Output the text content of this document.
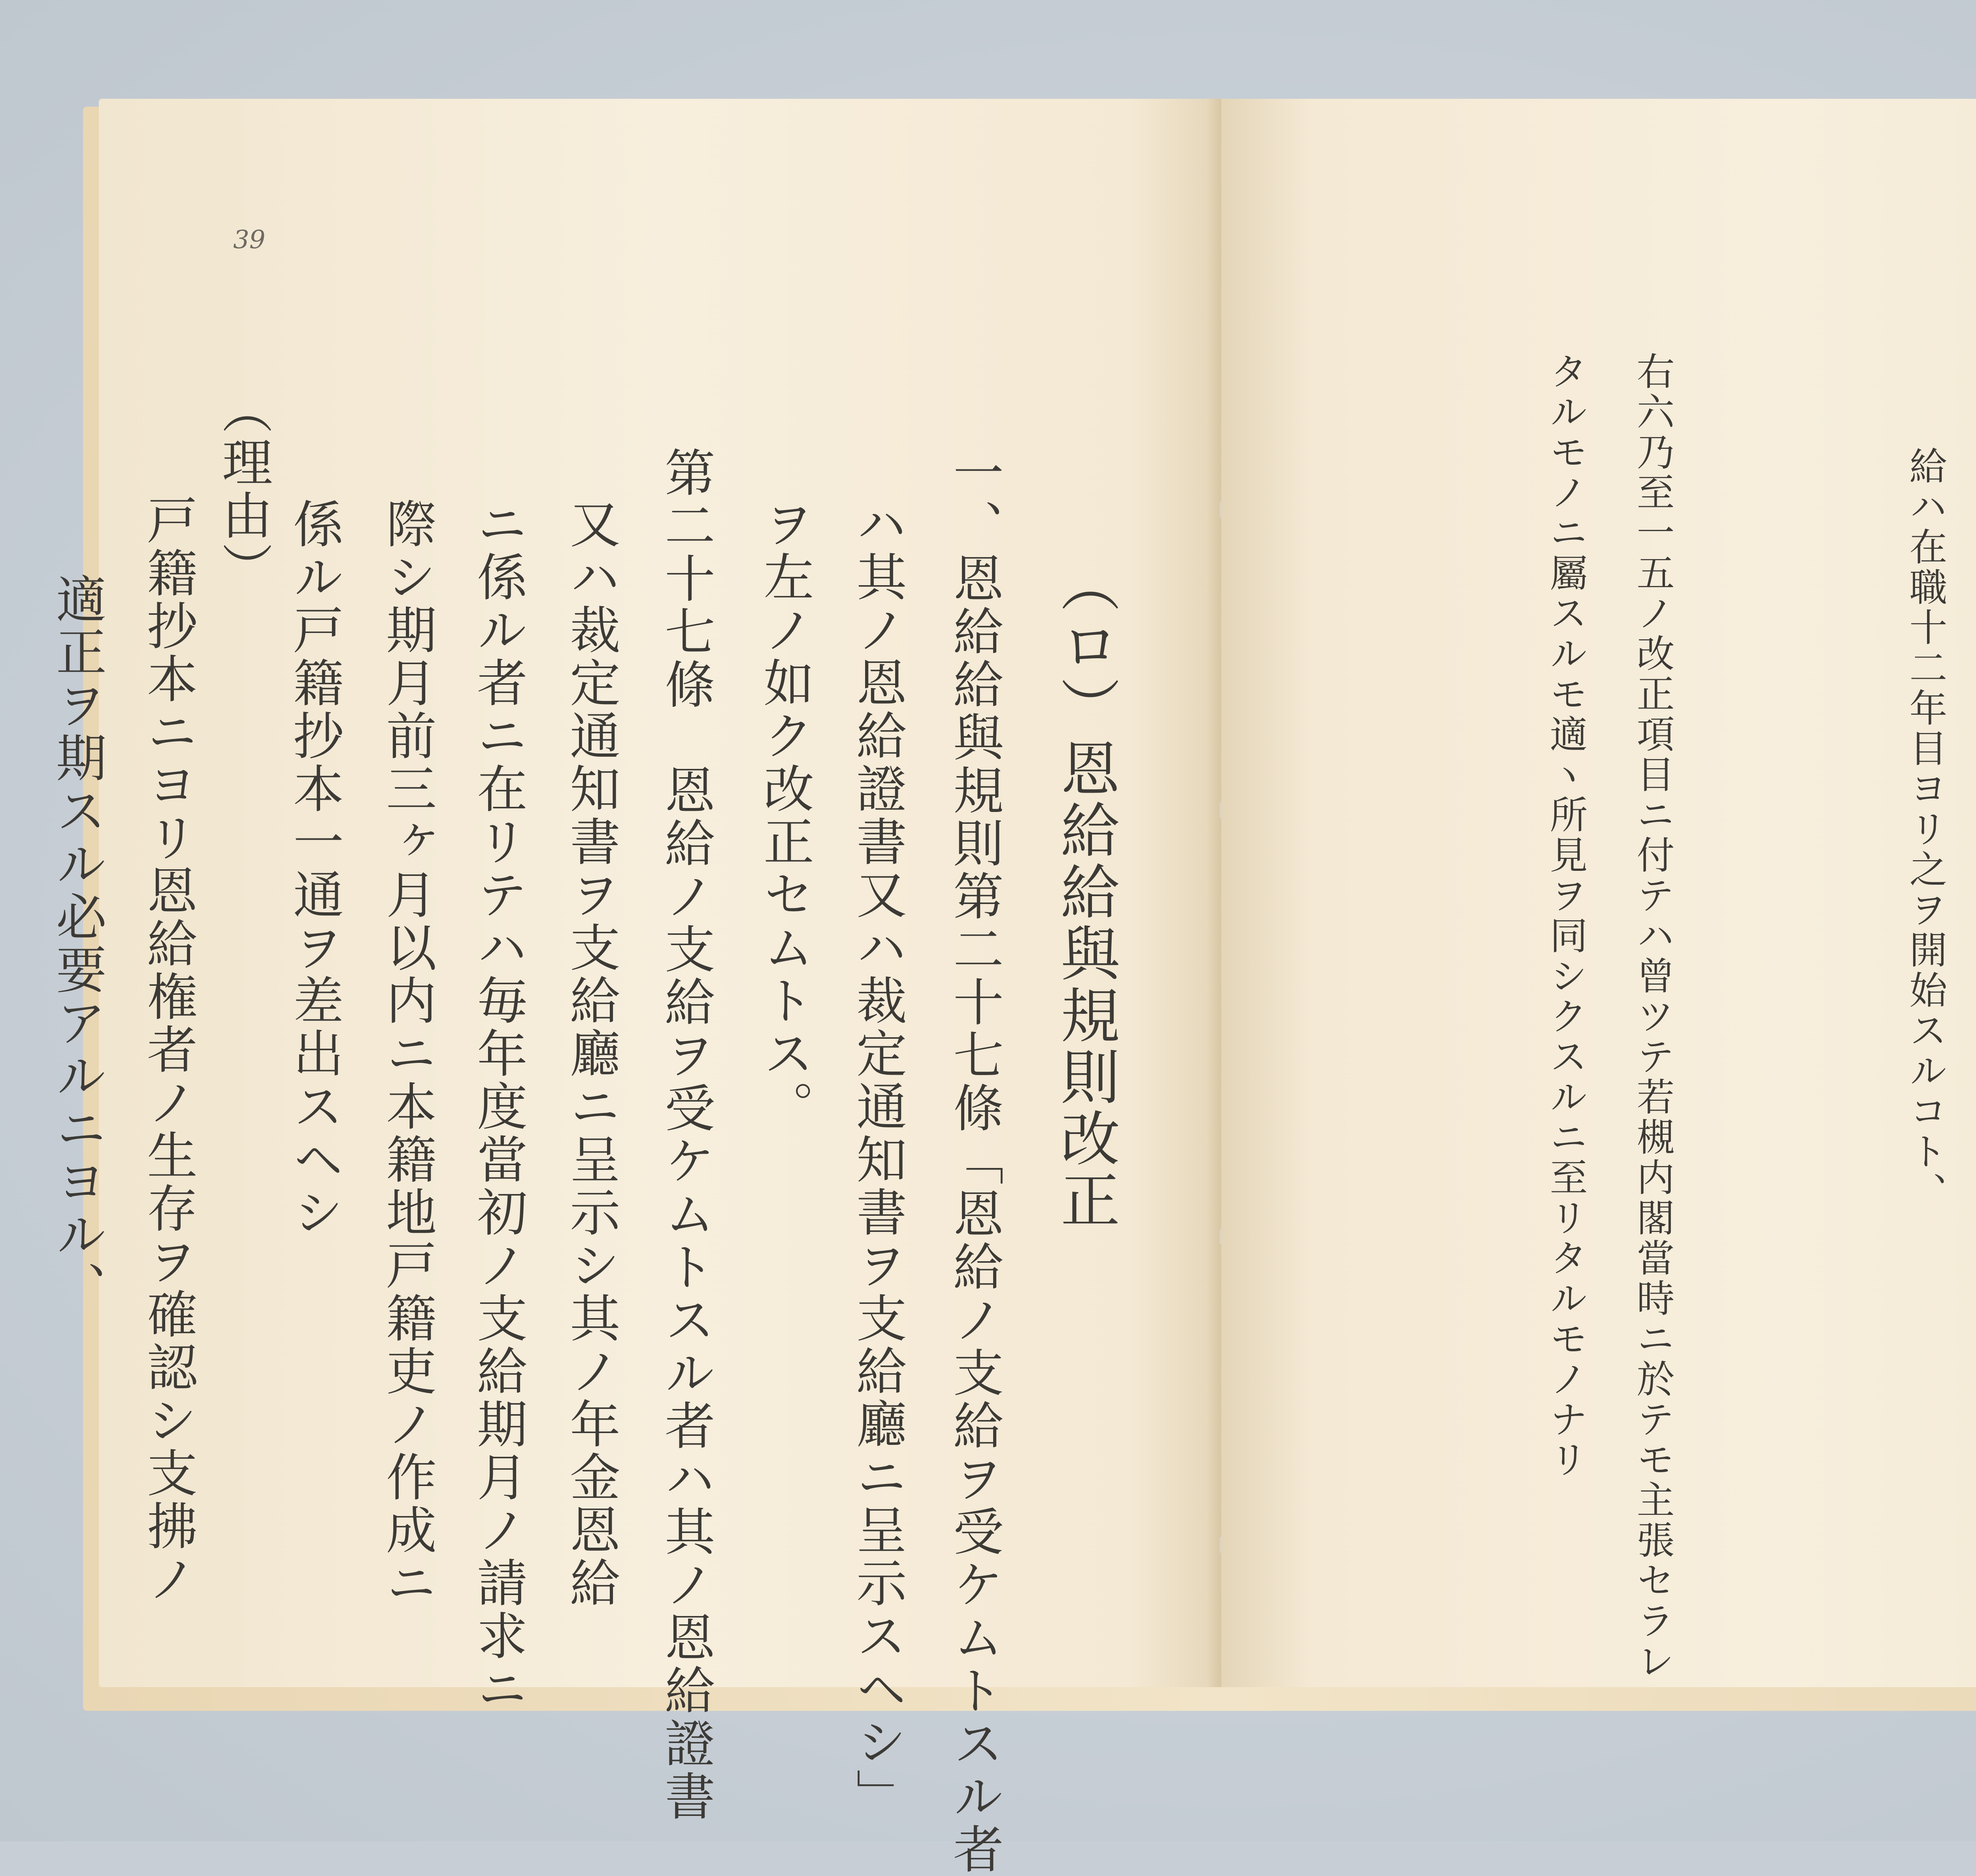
39
一、恩給給與規則第二十七條「恩給ノ支給ヲ受ケムトスル者
ハ其ノ恩給證書又ハ裁定通知書ヲ支給廳ニ呈示スヘシ」
ヲ左ノ如ク改正セムトス。	（ロ）恩給給與規則改正
第二十七條　恩給ノ支給ヲ受ケムトスル者ハ其ノ恩給證書
又ハ裁定通知書ヲ支給廳ニ呈示シ其ノ年金恩給
ニ係ル者ニ在リテハ毎年度當初ノ支給期月ノ請求ニ
際シ期月前三ヶ月以内ニ本籍地戸籍吏ノ作成ニ
係ル戸籍抄本一通ヲ差出スヘシ
（理由）
戸籍抄本ニヨリ恩給権者ノ生存ヲ確認シ支拂ノ
適正ヲ期スル必要アルニヨル、	給ハ在職十二年目ヨリ之ヲ開始スルコト、
右六乃至一五ノ改正項目ニ付テハ曾ツテ若槻内閣當時ニ於テモ主張セラレ
タルモノニ屬スルモ適ヽ所見ヲ同シクスルニ至リタルモノナリ
